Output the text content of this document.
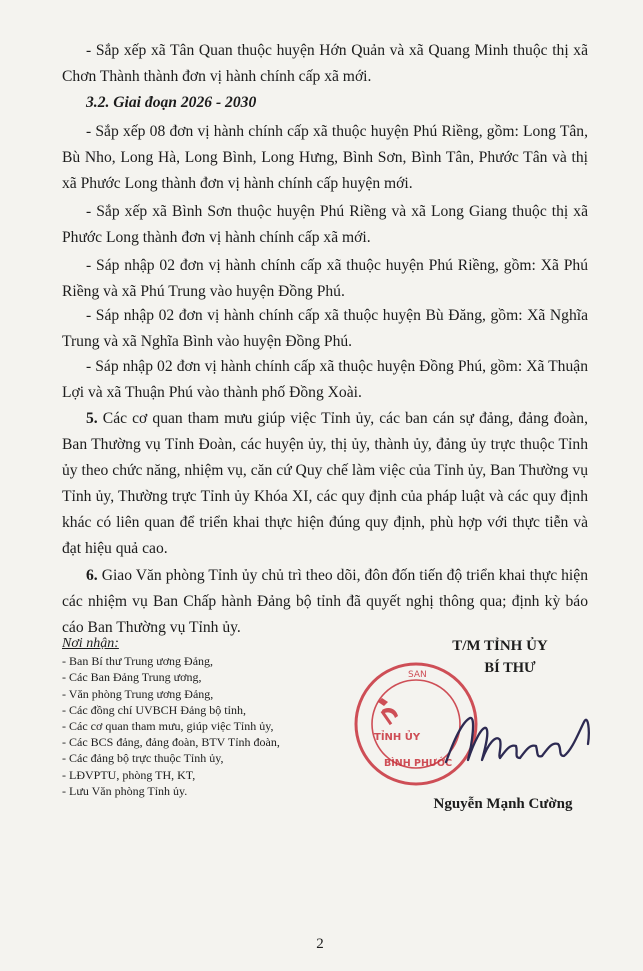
- Sắp xếp xã Tân Quan thuộc huyện Hớn Quản và xã Quang Minh thuộc thị xã Chơn Thành thành đơn vị hành chính cấp xã mới.

3.2. Giai đoạn 2026 - 2030

- Sắp xếp 08 đơn vị hành chính cấp xã thuộc huyện Phú Riềng, gồm: Long Tân, Bù Nho, Long Hà, Long Bình, Long Hưng, Bình Sơn, Bình Tân, Phước Tân và thị xã Phước Long thành đơn vị hành chính cấp huyện mới.

- Sắp xếp xã Bình Sơn thuộc huyện Phú Riềng và xã Long Giang thuộc thị xã Phước Long thành đơn vị hành chính cấp xã mới.

- Sáp nhập 02 đơn vị hành chính cấp xã thuộc huyện Phú Riềng, gồm: Xã Phú Riềng và xã Phú Trung vào huyện Đồng Phú.

- Sáp nhập 02 đơn vị hành chính cấp xã thuộc huyện Bù Đăng, gồm: Xã Nghĩa Trung và xã Nghĩa Bình vào huyện Đồng Phú.

- Sáp nhập 02 đơn vị hành chính cấp xã thuộc huyện Đồng Phú, gồm: Xã Thuận Lợi và xã Thuận Phú vào thành phố Đồng Xoài.

5. Các cơ quan tham mưu giúp việc Tỉnh ủy, các ban cán sự đảng, đảng đoàn, Ban Thường vụ Tỉnh Đoàn, các huyện ủy, thị ủy, thành ủy, đảng ủy trực thuộc Tỉnh ủy theo chức năng, nhiệm vụ, căn cứ Quy chế làm việc của Tỉnh ủy, Ban Thường vụ Tỉnh ủy, Thường trực Tỉnh ủy Khóa XI, các quy định của pháp luật và các quy định khác có liên quan để triển khai thực hiện đúng quy định, phù hợp với thực tiễn và đạt hiệu quả cao.

6. Giao Văn phòng Tỉnh ủy chủ trì theo dõi, đôn đốn tiến độ triển khai thực hiện các nhiệm vụ Ban Chấp hành Đảng bộ tỉnh đã quyết nghị thông qua; định kỳ báo cáo Ban Thường vụ Tỉnh ủy.

Nơi nhận:
- Ban Bí thư Trung ương Đảng,
- Các Ban Đảng Trung ương,
- Văn phòng Trung ương Đảng,
- Các đồng chí UVBCH Đảng bộ tỉnh,
- Các cơ quan tham mưu, giúp việc Tỉnh ủy,
- Các BCS đảng, đảng đoàn, BTV Tỉnh đoàn,
- Các đảng bộ trực thuộc Tỉnh ủy,
- LĐVPTU, phòng TH, KT,
- Lưu Văn phòng Tỉnh ủy.
T/M TỈNH ỦY
BÍ THƯ
SAN
TỈNH ỦY
BÌNH PHƯỚC
Nguyễn Mạnh Cường
2
